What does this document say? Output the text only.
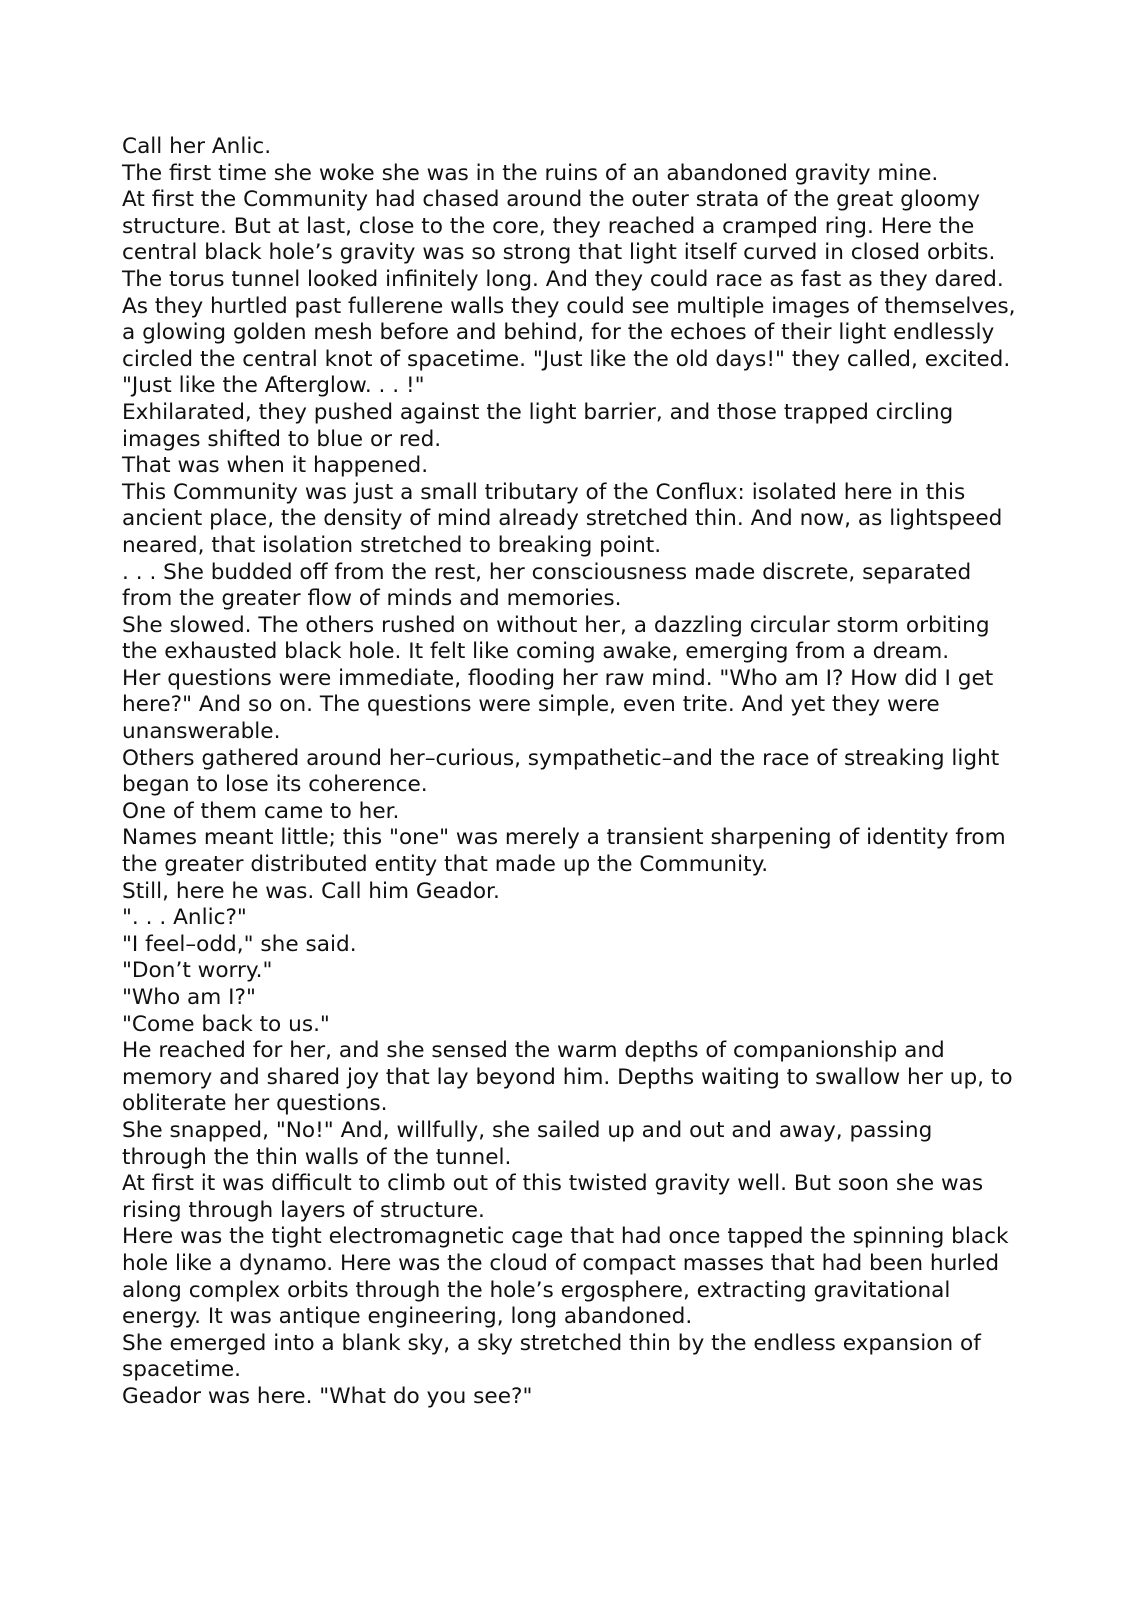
Call her Anlic.

The first time she woke she was in the ruins of an abandoned gravity mine.

At first the Community had chased around the outer strata of the great gloomy structure. But at last, close to the core, they reached a cramped ring. Here the central black hole’s gravity was so strong that light itself curved in closed orbits.

The torus tunnel looked infinitely long. And they could race as fast as they dared.

As they hurtled past fullerene walls they could see multiple images of themselves, a glowing golden mesh before and behind, for the echoes of their light endlessly circled the central knot of spacetime. "Just like the old days!" they called, excited. "Just like the Afterglow. . . !"

Exhilarated, they pushed against the light barrier, and those trapped circling images shifted to blue or red.

That was when it happened.

This Community was just a small tributary of the Conflux: isolated here in this ancient place, the density of mind already stretched thin. And now, as lightspeed neared, that isolation stretched to breaking point.

. . . She budded off from the rest, her consciousness made discrete, separated from the greater flow of minds and memories.

She slowed. The others rushed on without her, a dazzling circular storm orbiting the exhausted black hole. It felt like coming awake, emerging from a dream.

Her questions were immediate, flooding her raw mind. "Who am I? How did I get here?" And so on. The questions were simple, even trite. And yet they were unanswerable.

Others gathered around her–curious, sympathetic–and the race of streaking light began to lose its coherence.

One of them came to her.

Names meant little; this "one" was merely a transient sharpening of identity from the greater distributed entity that made up the Community.

Still, here he was. Call him Geador.

". . . Anlic?"

"I feel–odd," she said.

"Don’t worry."

"Who am I?"

"Come back to us."

He reached for her, and she sensed the warm depths of companionship and memory and shared joy that lay beyond him. Depths waiting to swallow her up, to obliterate her questions.

She snapped, "No!" And, willfully, she sailed up and out and away, passing through the thin walls of the tunnel.

At first it was difficult to climb out of this twisted gravity well. But soon she was rising through layers of structure.

Here was the tight electromagnetic cage that had once tapped the spinning black hole like a dynamo. Here was the cloud of compact masses that had been hurled along complex orbits through the hole’s ergosphere, extracting gravitational energy. It was antique engineering, long abandoned.

She emerged into a blank sky, a sky stretched thin by the endless expansion of spacetime.

Geador was here. "What do you see?"
